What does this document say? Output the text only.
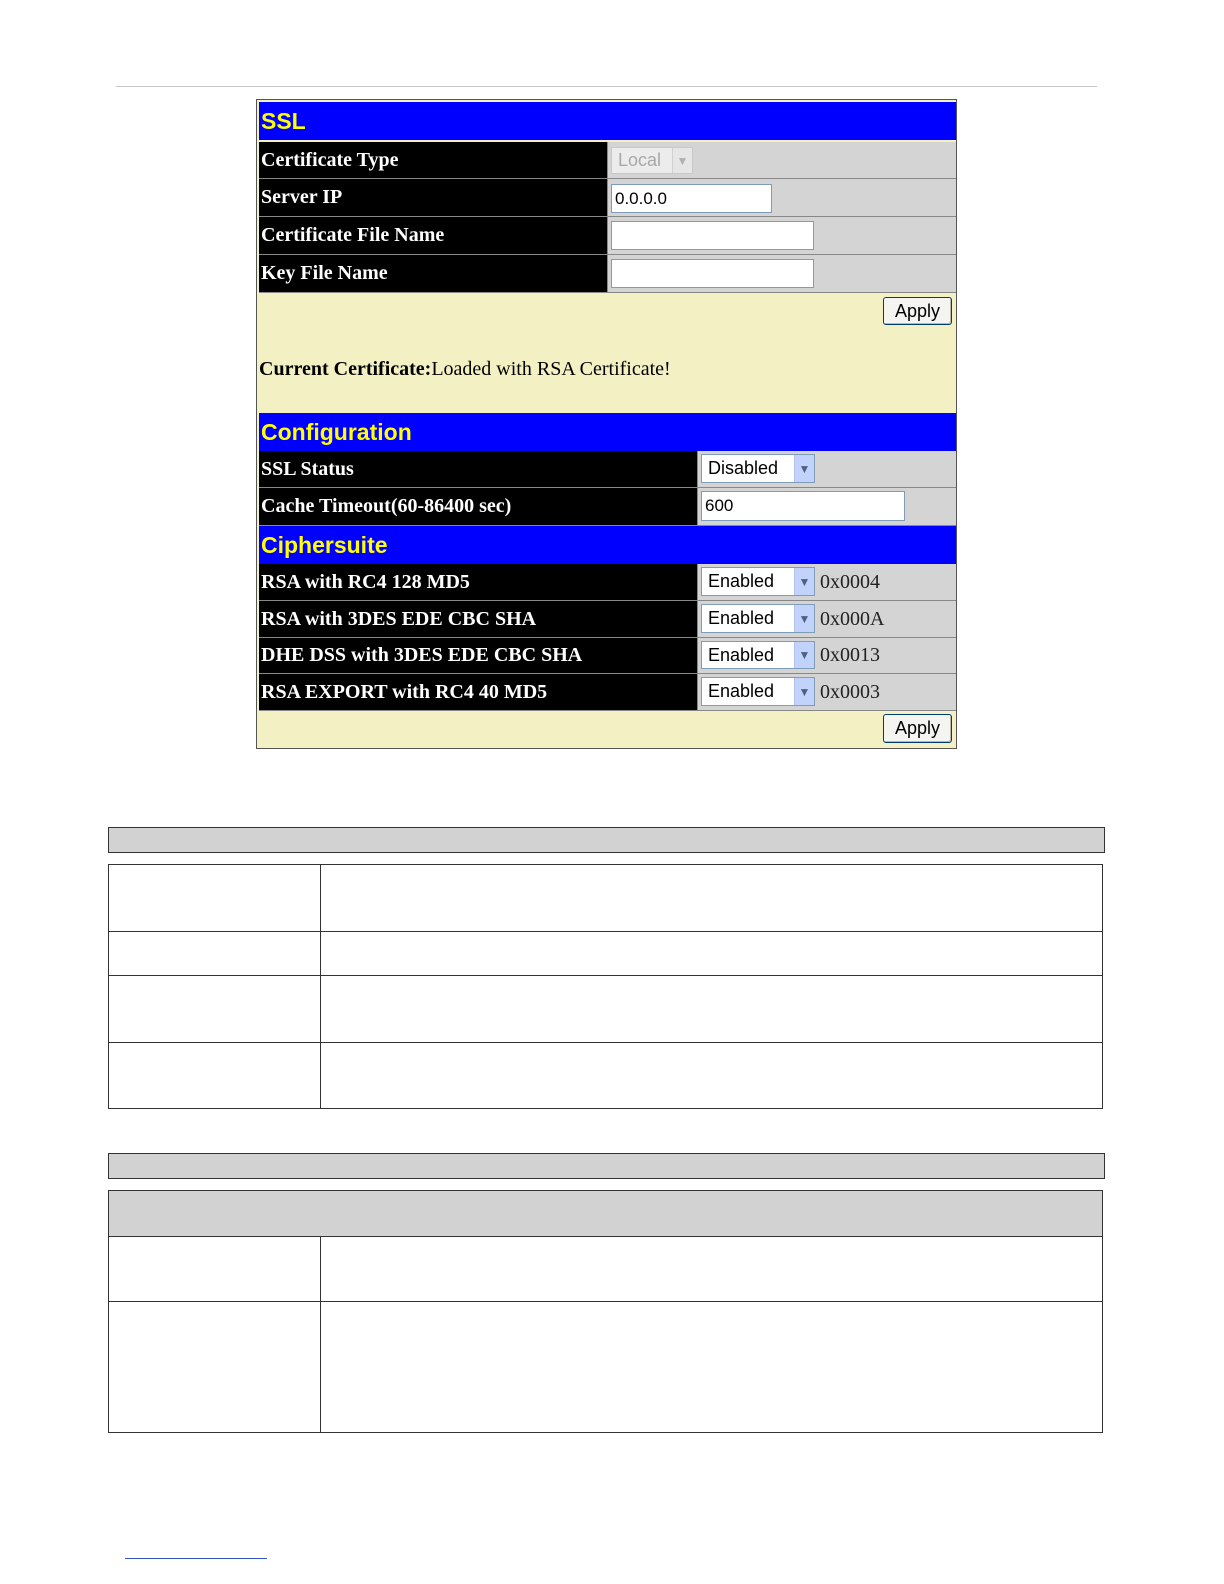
SSL
Certificate Type	Local	▼
Server IP	0.0.0.0
Certificate File Name
Key File Name
Apply
Current Certificate:Loaded with RSA Certificate!
Configuration
SSL Status	Disabled	▼
Cache Timeout(60-86400 sec)	600
Ciphersuite
RSA with RC4 128 MD5	Enabled	▼ 0x0004
RSA with 3DES EDE CBC SHA	Enabled	▼ 0x000A
DHE DSS with 3DES EDE CBC SHA	Enabled	▼ 0x0013
RSA EXPORT with RC4 40 MD5	Enabled	▼ 0x0003
Apply
